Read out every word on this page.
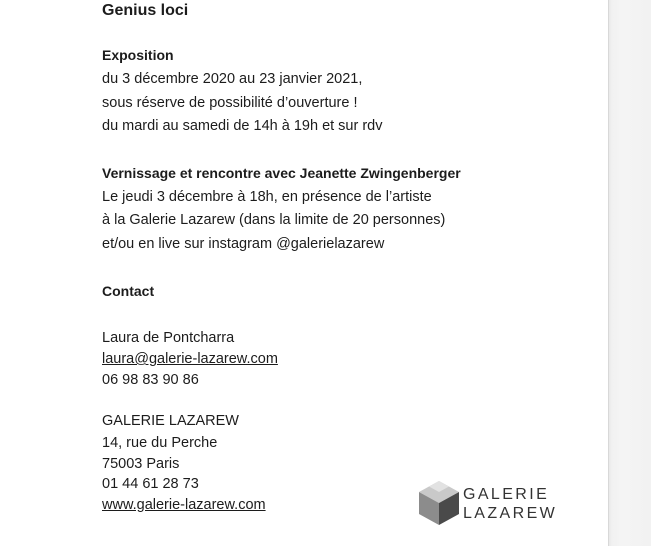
Genius loci
Exposition
du 3 décembre 2020 au 23 janvier 2021,
sous réserve de possibilité d’ouverture !
du mardi au samedi de 14h à 19h et sur rdv
Vernissage et rencontre avec Jeanette Zwingenberger
Le jeudi 3 décembre à 18h, en présence de l’artiste
à la Galerie Lazarew (dans la limite de 20 personnes)
et/ou en live sur instagram @galerielazarew
Contact
Laura de Pontcharra
laura@galerie-lazarew.com
06 98 83 90 86
GALERIE LAZAREW
14, rue du Perche
75003 Paris
01 44 61 28 73
www.galerie-lazarew.com
GALERIE
LAZAREW
